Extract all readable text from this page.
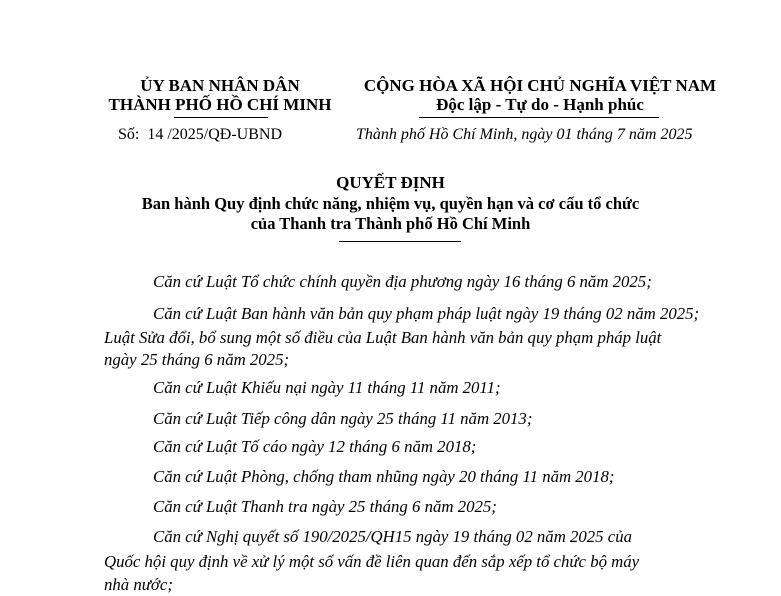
ỦY BAN NHÂN DÂN
THÀNH PHỐ HỒ CHÍ MINH
Số: 14 /2025/QĐ-UBND
CỘNG HÒA XÃ HỘI CHỦ NGHĨA VIỆT NAM
Độc lập - Tự do - Hạnh phúc
Thành phố Hồ Chí Minh, ngày 01 tháng 7 năm 2025
QUYẾT ĐỊNH
Ban hành Quy định chức năng, nhiệm vụ, quyền hạn và cơ cấu tổ chức
của Thanh tra Thành phố Hồ Chí Minh
Căn cứ Luật Tổ chức chính quyền địa phương ngày 16 tháng 6 năm 2025;
Căn cứ Luật Ban hành văn bản quy phạm pháp luật ngày 19 tháng 02 năm 2025;
Luật Sửa đổi, bổ sung một số điều của Luật Ban hành văn bản quy phạm pháp luật
ngày 25 tháng 6 năm 2025;
Căn cứ Luật Khiếu nại ngày 11 tháng 11 năm 2011;
Căn cứ Luật Tiếp công dân ngày 25 tháng 11 năm 2013;
Căn cứ Luật Tố cáo ngày 12 tháng 6 năm 2018;
Căn cứ Luật Phòng, chống tham nhũng ngày 20 tháng 11 năm 2018;
Căn cứ Luật Thanh tra ngày 25 tháng 6 năm 2025;
Căn cứ Nghị quyết số 190/2025/QH15 ngày 19 tháng 02 năm 2025 của
Quốc hội quy định về xử lý một số vấn đề liên quan đến sắp xếp tổ chức bộ máy
nhà nước;
